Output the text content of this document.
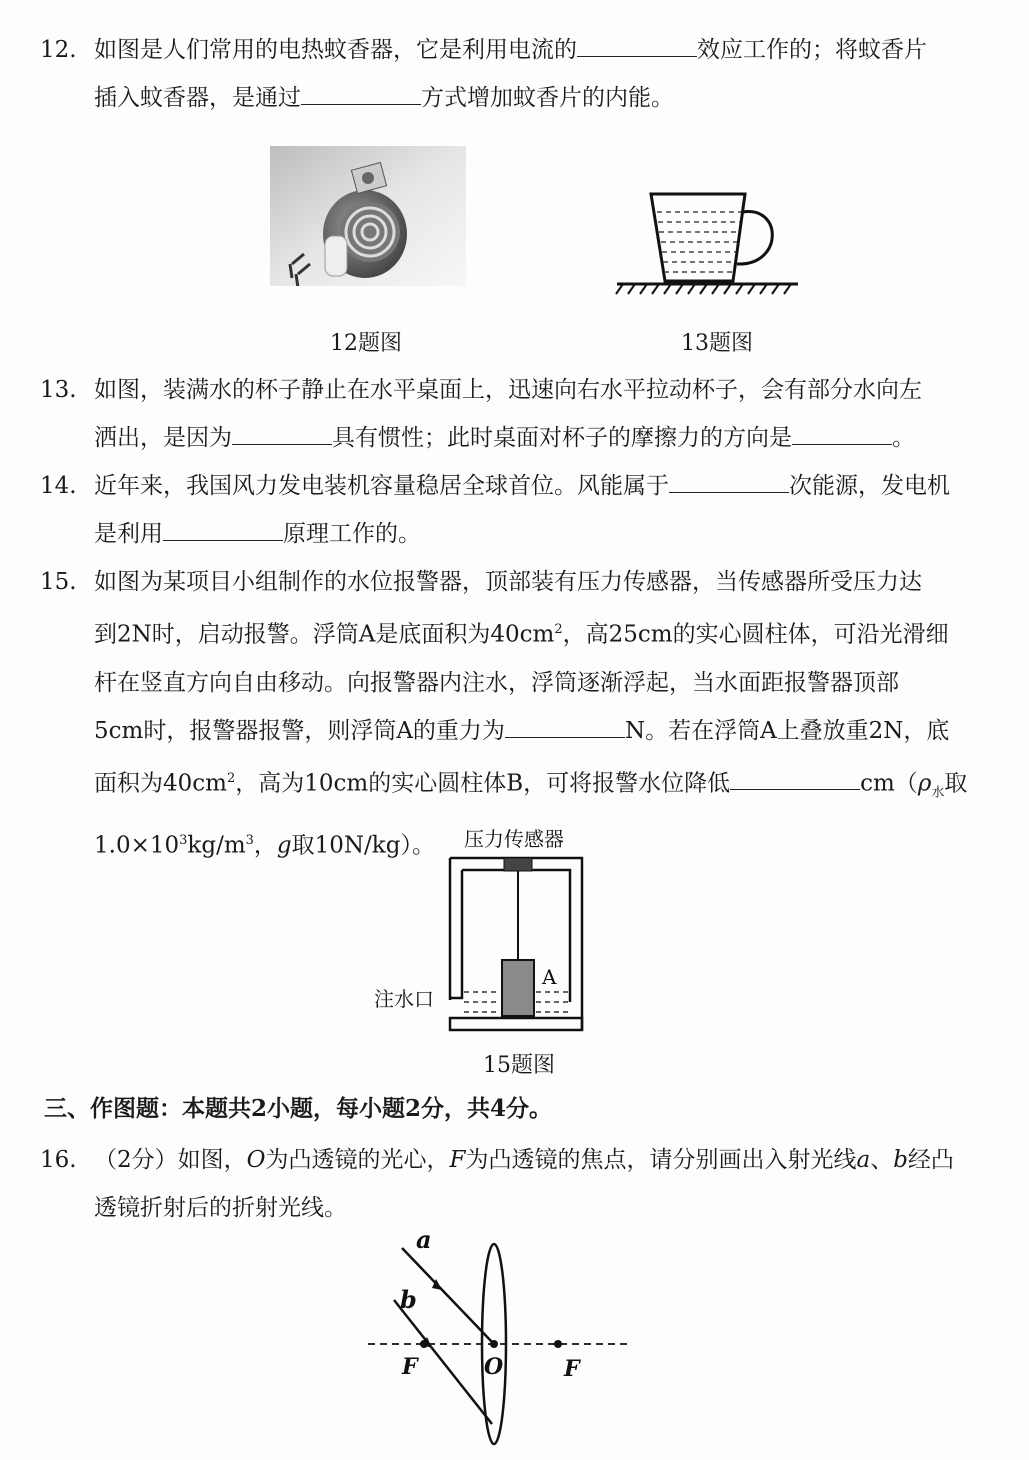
12. 如图是人们常用的电热蚊香器，它是利用电流的	效应工作的；将蚊香片
插入蚊香器，是通过	方式增加蚊香片的内能。
12题图	13题图
13. 如图，装满水的杯子静止在水平桌面上，迅速向右水平拉动杯子，会有部分水向左
洒出，是因为	具有惯性；此时桌面对杯子的摩擦力的方向是	。
14. 近年来，我国风力发电装机容量稳居全球首位。风能属于	次能源，发电机
是利用	原理工作的。
15. 如图为某项目小组制作的水位报警器，顶部装有压力传感器，当传感器所受压力达
到2N时，启动报警。浮筒A是底面积为$40cm^2$，高25cm的实心圆柱体，可沿光滑细
杆在竖直方向自由移动。向报警器内注水，浮筒逐渐浮起，当水面距报警器顶部
5cm时，报警器报警，则浮筒A的重力为	N。若在浮筒A上叠放重2N，底
面积为$40cm^2$，高为10cm的实心圆柱体B，可将报警水位降低	$cm(\rho_水$取
$1.0\times 10^3kg/m^3$，g取10N/kg）。	压力传感器
A
注水口
15题图
三、作图题：本题共2小题，每小题2分，共4分。
16. （2分）如图，O为凸透镜的光心，F为凸透镜的焦点，请分别画出入射光线a、b经凸
透镜折射后的折射光线。
a
b
F	O	F
